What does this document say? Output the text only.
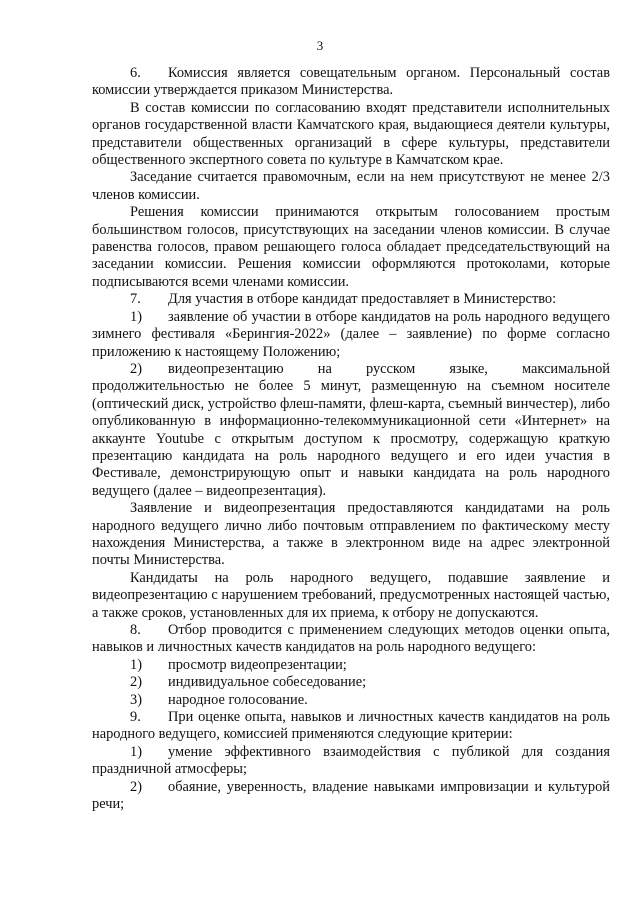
3

6. Комиссия является совещательным органом. Персональный состав комиссии утверждается приказом Министерства.

В состав комиссии по согласованию входят представители исполнительных органов государственной власти Камчатского края, выдающиеся деятели культуры, представители общественных организаций в сфере культуры, представители общественного экспертного совета по культуре в Камчатском крае.

Заседание считается правомочным, если на нем присутствуют не менее 2/3 членов комиссии.

Решения комиссии принимаются открытым голосованием простым большинством голосов, присутствующих на заседании членов комиссии. В случае равенства голосов, правом решающего голоса обладает председательствующий на заседании комиссии. Решения комиссии оформляются протоколами, которые подписываются всеми членами комиссии.

7. Для участия в отборе кандидат предоставляет в Министерство:

1) заявление об участии в отборе кандидатов на роль народного ведущего зимнего фестиваля «Берингия-2022» (далее – заявление) по форме согласно приложению к настоящему Положению;

2) видеопрезентацию на русском языке, максимальной продолжительностью не более 5 минут, размещенную на съемном носителе (оптический диск, устройство флеш-памяти, флеш-карта, съемный винчестер), либо опубликованную в информационно-телекоммуникационной сети «Интернет» на аккаунте Youtube с открытым доступом к просмотру, содержащую краткую презентацию кандидата на роль народного ведущего и его идеи участия в Фестивале, демонстрирующую опыт и навыки кандидата на роль народного ведущего (далее – видеопрезентация).

Заявление и видеопрезентация предоставляются кандидатами на роль народного ведущего лично либо почтовым отправлением по фактическому месту нахождения Министерства, а также в электронном виде на адрес электронной почты Министерства.

Кандидаты на роль народного ведущего, подавшие заявление и видеопрезентацию с нарушением требований, предусмотренных настоящей частью, а также сроков, установленных для их приема, к отбору не допускаются.

8. Отбор проводится с применением следующих методов оценки опыта, навыков и личностных качеств кандидатов на роль народного ведущего:

1) просмотр видеопрезентации;

2) индивидуальное собеседование;

3) народное голосование.

9. При оценке опыта, навыков и личностных качеств кандидатов на роль народного ведущего, комиссией применяются следующие критерии:

1) умение эффективного взаимодействия с публикой для создания праздничной атмосферы;

2) обаяние, уверенность, владение навыками импровизации и культурой речи;
